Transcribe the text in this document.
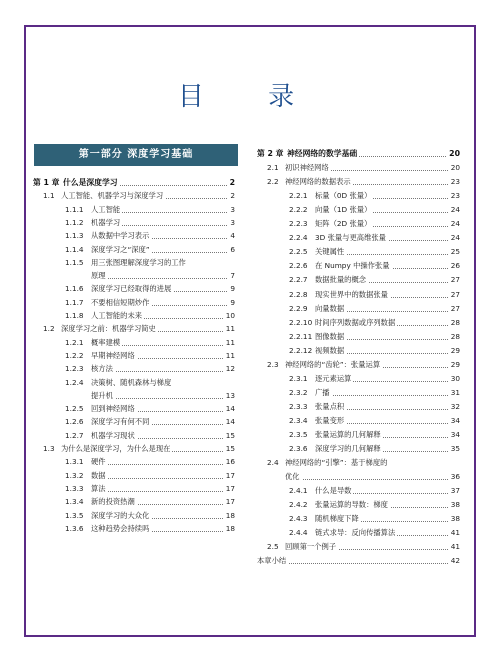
目 录
第一部分 深度学习基础
第 1 章 什么是深度学习	2
1.1 人工智能、机器学习与深度学习	2
1.1.1 人工智能	3
1.1.2 机器学习	3
1.1.3 从数据中学习表示	4
1.1.4 深度学习之“深度”	6
1.1.5 用三张图理解深度学习的工作
原理	7
1.1.6 深度学习已经取得的进展	9
1.1.7 不要相信短期炒作	9
1.1.8 人工智能的未来	10
1.2 深度学习之前：机器学习简史	11
1.2.1 概率建模	11
1.2.2 早期神经网络	11
1.2.3 核方法	12
1.2.4 决策树、随机森林与梯度
提升机	13
1.2.5 回到神经网络	14
1.2.6 深度学习有何不同	14
1.2.7 机器学习现状	15
1.3 为什么是深度学习，为什么是现在	15
1.3.1 硬件	16
1.3.2 数据	17
1.3.3 算法	17
1.3.4 新的投资热潮	17
1.3.5 深度学习的大众化	18
1.3.6 这种趋势会持续吗	18
第 2 章 神经网络的数学基础	20
2.1 初识神经网络	20
2.2 神经网络的数据表示	23
2.2.1 标量（0D 张量）	23
2.2.2 向量（1D 张量）	24
2.2.3 矩阵（2D 张量）	24
2.2.4 3D 张量与更高维张量	24
2.2.5 关键属性	25
2.2.6 在 Numpy 中操作张量	26
2.2.7 数据批量的概念	27
2.2.8 现实世界中的数据张量	27
2.2.9 向量数据	27
2.2.10 时间序列数据或序列数据	28
2.2.11 图像数据	28
2.2.12 视频数据	29
2.3 神经网络的“齿轮”：张量运算	29
2.3.1 逐元素运算	30
2.3.2 广播	31
2.3.3 张量点积	32
2.3.4 张量变形	34
2.3.5 张量运算的几何解释	34
2.3.6 深度学习的几何解释	35
2.4 神经网络的“引擎”：基于梯度的
优化	36
2.4.1 什么是导数	37
2.4.2 张量运算的导数：梯度	38
2.4.3 随机梯度下降	38
2.4.4 链式求导：反向传播算法	41
2.5 回顾第一个例子	41
本章小结	42
